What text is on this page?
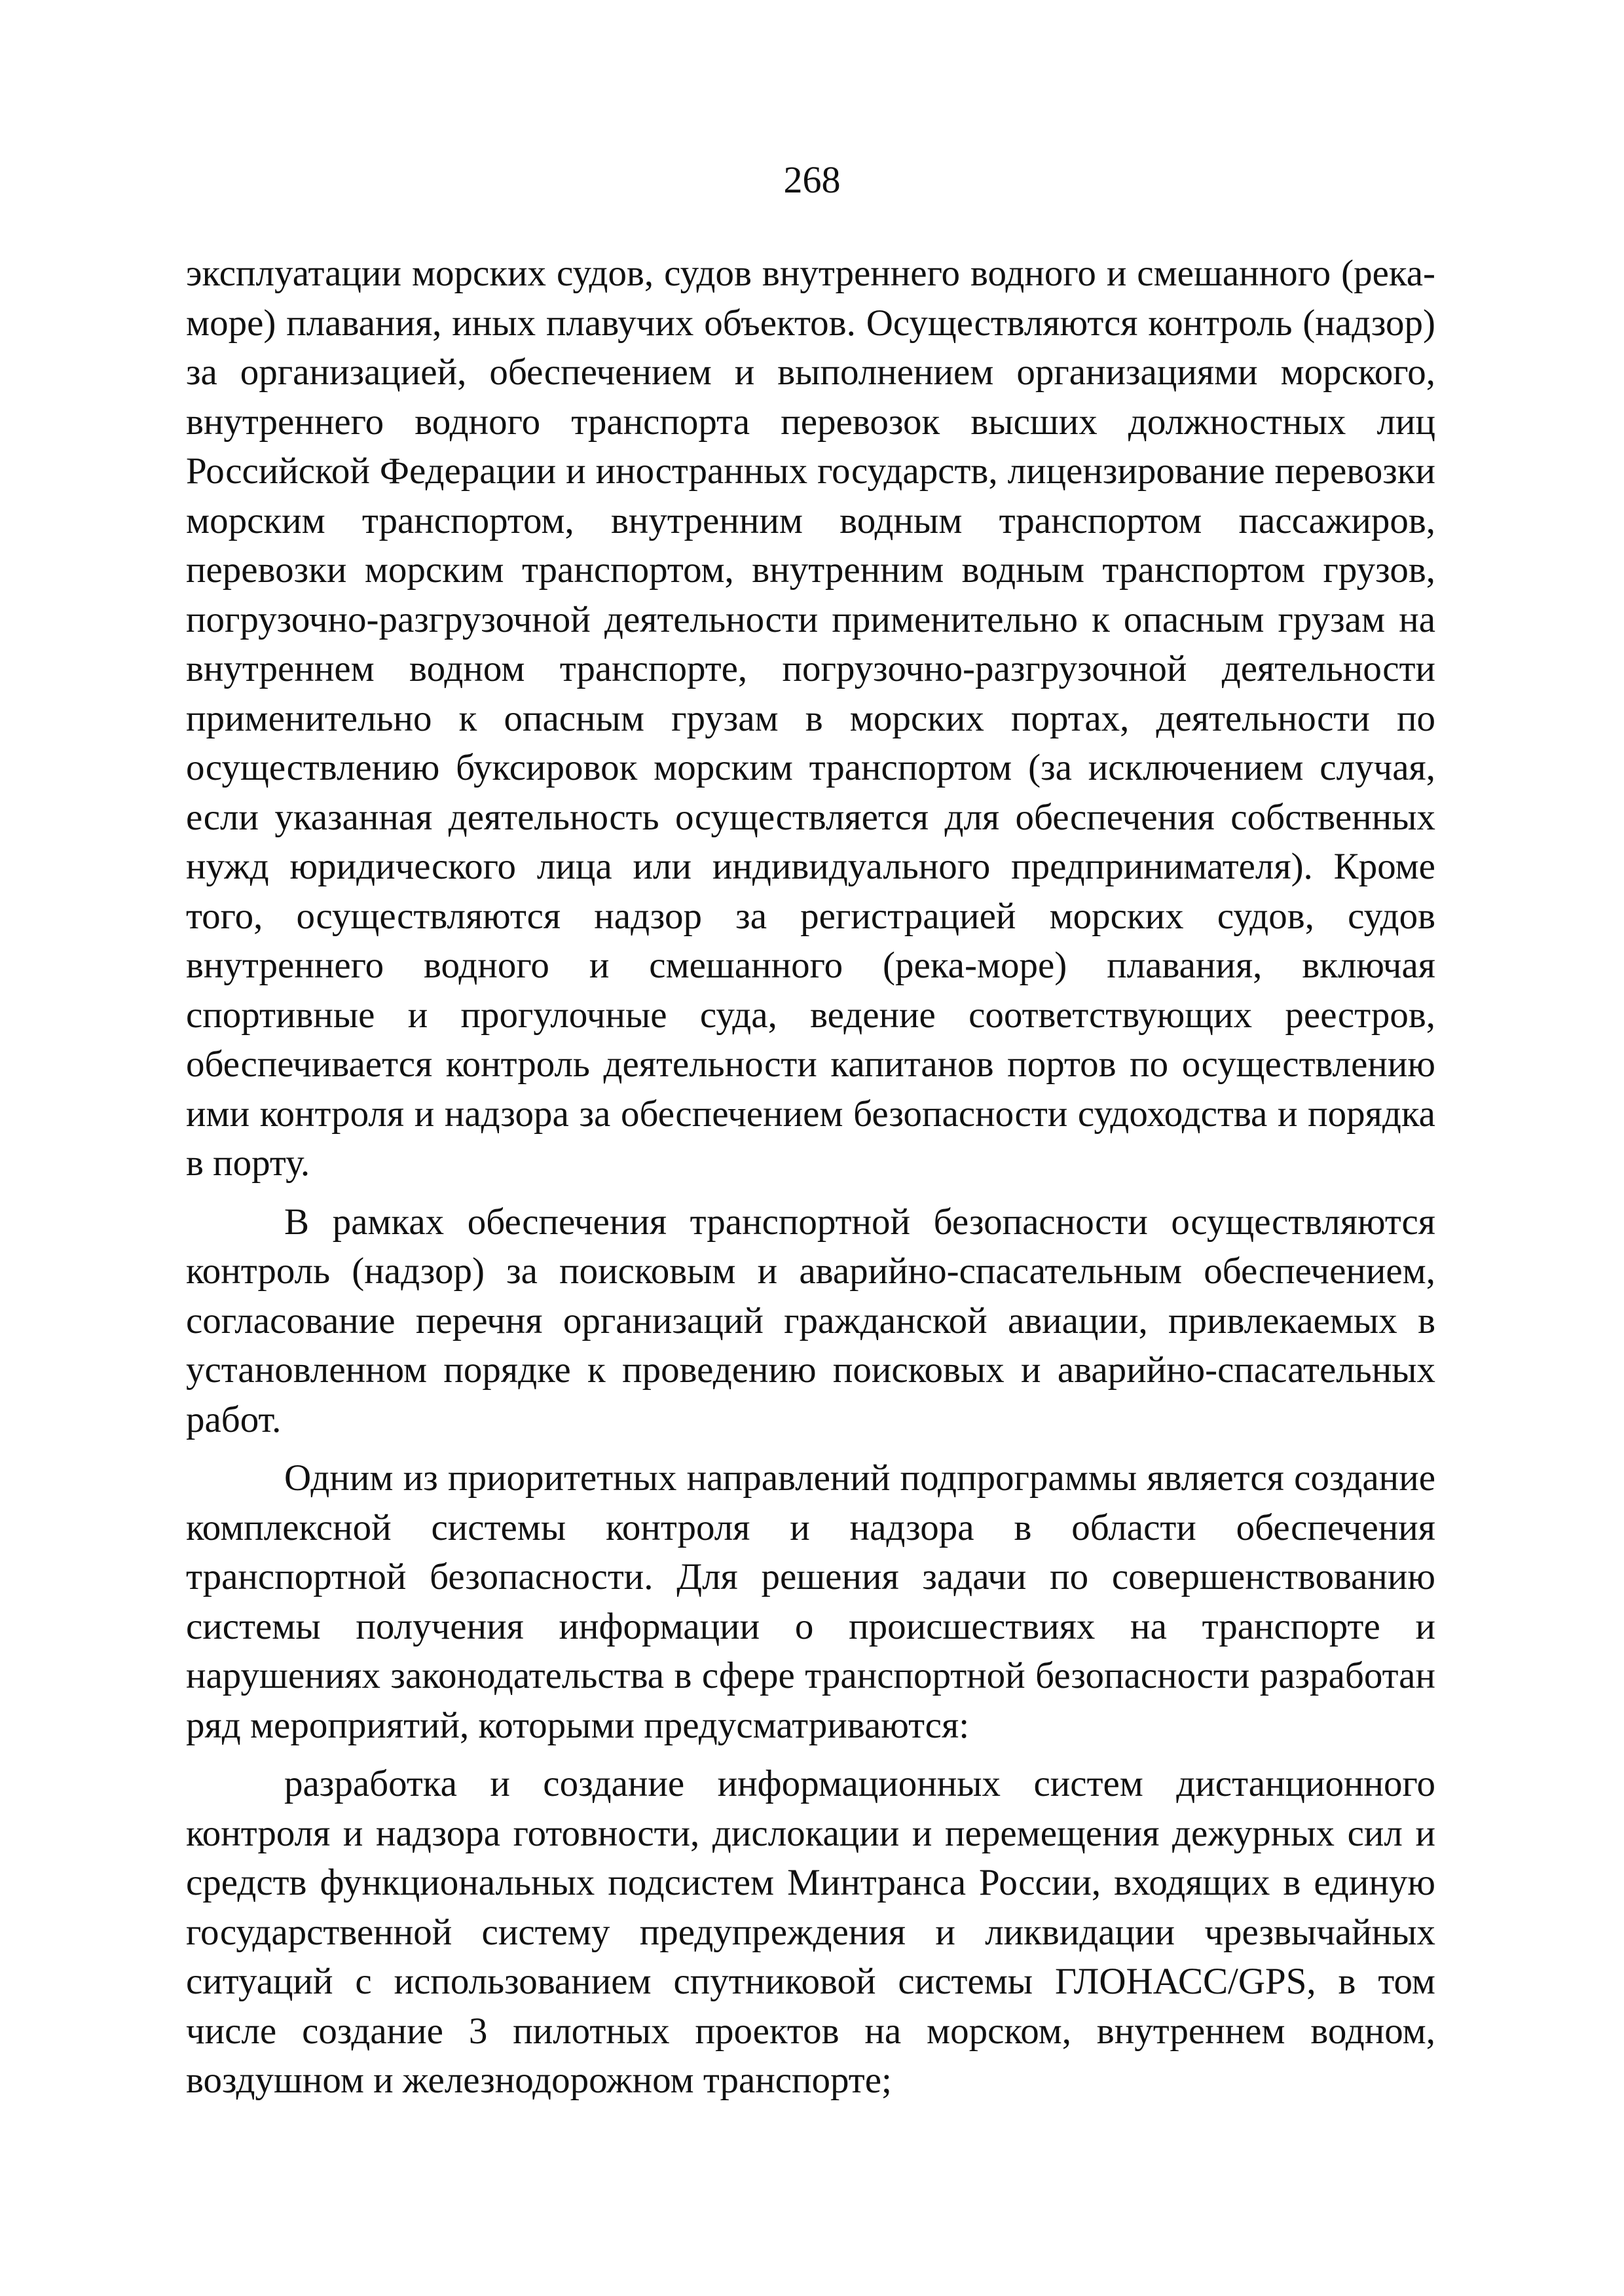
268

эксплуатации морских судов, судов внутреннего водного и смешанного (река-море) плавания, иных плавучих объектов. Осуществляются контроль (надзор) за организацией, обеспечением и выполнением организациями морского, внутреннего водного транспорта перевозок высших должностных лиц Российской Федерации и иностранных государств, лицензирование перевозки морским транспортом, внутренним водным транспортом пассажиров, перевозки морским транспортом, внутренним водным транспортом грузов, погрузочно-разгрузочной деятельности применительно к опасным грузам на внутреннем водном транспорте, погрузочно-разгрузочной деятельности применительно к опасным грузам в морских портах, деятельности по осуществлению буксировок морским транспортом (за исключением случая, если указанная деятельность осуществляется для обеспечения собственных нужд юридического лица или индивидуального предпринимателя). Кроме того, осуществляются надзор за регистрацией морских судов, судов внутреннего водного и смешанного (река-море) плавания, включая спортивные и прогулочные суда, ведение соответствующих реестров, обеспечивается контроль деятельности капитанов портов по осуществлению ими контроля и надзора за обеспечением безопасности судоходства и порядка в порту.

В рамках обеспечения транспортной безопасности осуществляются контроль (надзор) за поисковым и аварийно-спасательным обеспечением, согласование перечня организаций гражданской авиации, привлекаемых в установленном порядке к проведению поисковых и аварийно-спасательных работ.

Одним из приоритетных направлений подпрограммы является создание комплексной системы контроля и надзора в области обеспечения транспортной безопасности. Для решения задачи по совершенствованию системы получения информации о происшествиях на транспорте и нарушениях законодательства в сфере транспортной безопасности разработан ряд мероприятий, которыми предусматриваются:

разработка и создание информационных систем дистанционного контроля и надзора готовности, дислокации и перемещения дежурных сил и средств функциональных подсистем Минтранса России, входящих в единую государственной систему предупреждения и ликвидации чрезвычайных ситуаций с использованием спутниковой системы ГЛОНАСС/GPS, в том числе создание 3 пилотных проектов на морском, внутреннем водном, воздушном и железнодорожном транспорте;
